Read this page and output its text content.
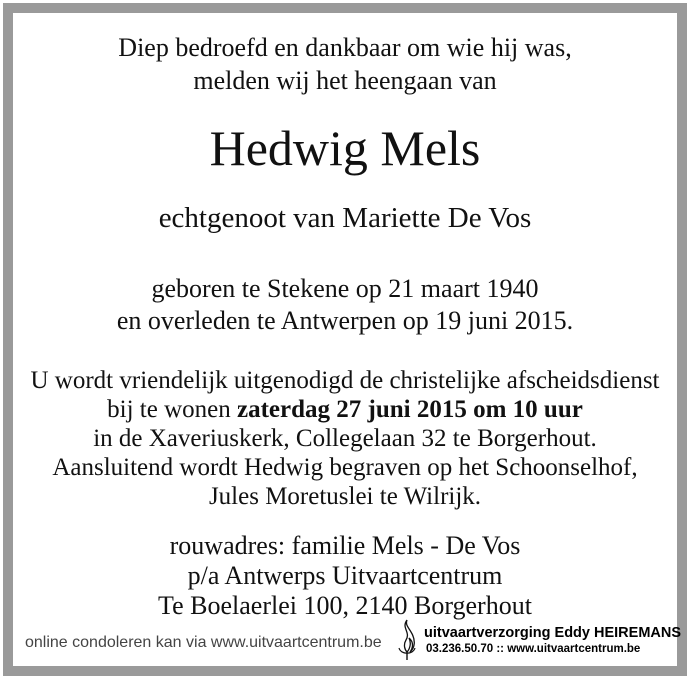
Diep bedroefd en dankbaar om wie hij was,
melden wij het heengaan van
Hedwig Mels
echtgenoot van Mariette De Vos
geboren te Stekene op 21 maart 1940
en overleden te Antwerpen op 19 juni 2015.
U wordt vriendelijk uitgenodigd de christelijke afscheidsdienst
bij te wonen zaterdag 27 juni 2015 om 10 uur
in de Xaveriuskerk, Collegelaan 32 te Borgerhout.
Aansluitend wordt Hedwig begraven op het Schoonselhof,
Jules Moretuslei te Wilrijk.
rouwadres: familie Mels - De Vos
p/a Antwerps Uitvaartcentrum
Te Boelaerlei 100, 2140 Borgerhout
online condoleren kan via www.uitvaartcentrum.be
uitvaartverzorging Eddy HEIREMANS
03.236.50.70 :: www.uitvaartcentrum.be
